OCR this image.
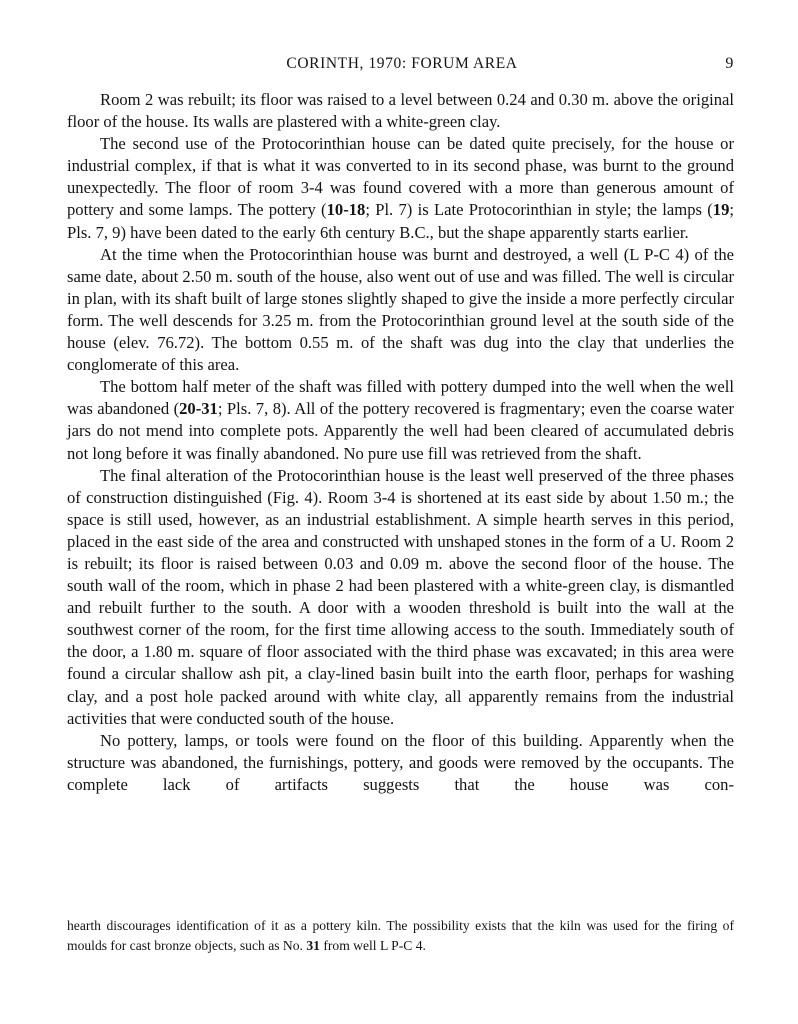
CORINTH, 1970: FORUM AREA	9

Room 2 was rebuilt; its floor was raised to a level between 0.24 and 0.30 m. above the original floor of the house. Its walls are plastered with a white-green clay.

The second use of the Protocorinthian house can be dated quite precisely, for the house or industrial complex, if that is what it was converted to in its second phase, was burnt to the ground unexpectedly. The floor of room 3-4 was found covered with a more than generous amount of pottery and some lamps. The pottery (10-18; Pl. 7) is Late Protocorinthian in style; the lamps (19; Pls. 7, 9) have been dated to the early 6th century B.C., but the shape apparently starts earlier.

At the time when the Protocorinthian house was burnt and destroyed, a well (L P-C 4) of the same date, about 2.50 m. south of the house, also went out of use and was filled. The well is circular in plan, with its shaft built of large stones slightly shaped to give the inside a more perfectly circular form. The well descends for 3.25 m. from the Protocorinthian ground level at the south side of the house (elev. 76.72). The bottom 0.55 m. of the shaft was dug into the clay that underlies the conglomerate of this area.

The bottom half meter of the shaft was filled with pottery dumped into the well when the well was abandoned (20-31; Pls. 7, 8). All of the pottery recovered is fragmentary; even the coarse water jars do not mend into complete pots. Apparently the well had been cleared of accumulated debris not long before it was finally abandoned. No pure use fill was retrieved from the shaft.

The final alteration of the Protocorinthian house is the least well preserved of the three phases of construction distinguished (Fig. 4). Room 3-4 is shortened at its east side by about 1.50 m.; the space is still used, however, as an industrial establishment. A simple hearth serves in this period, placed in the east side of the area and constructed with unshaped stones in the form of a U. Room 2 is rebuilt; its floor is raised between 0.03 and 0.09 m. above the second floor of the house. The south wall of the room, which in phase 2 had been plastered with a white-green clay, is dismantled and rebuilt further to the south. A door with a wooden threshold is built into the wall at the southwest corner of the room, for the first time allowing access to the south. Immediately south of the door, a 1.80 m. square of floor associated with the third phase was excavated; in this area were found a circular shallow ash pit, a clay-lined basin built into the earth floor, perhaps for washing clay, and a post hole packed around with white clay, all apparently remains from the industrial activities that were conducted south of the house.

No pottery, lamps, or tools were found on the floor of this building. Apparently when the structure was abandoned, the furnishings, pottery, and goods were removed by the occupants. The complete lack of artifacts suggests that the house was con-

hearth discourages identification of it as a pottery kiln. The possibility exists that the kiln was used for the firing of moulds for cast bronze objects, such as No. 31 from well L P-C 4.
